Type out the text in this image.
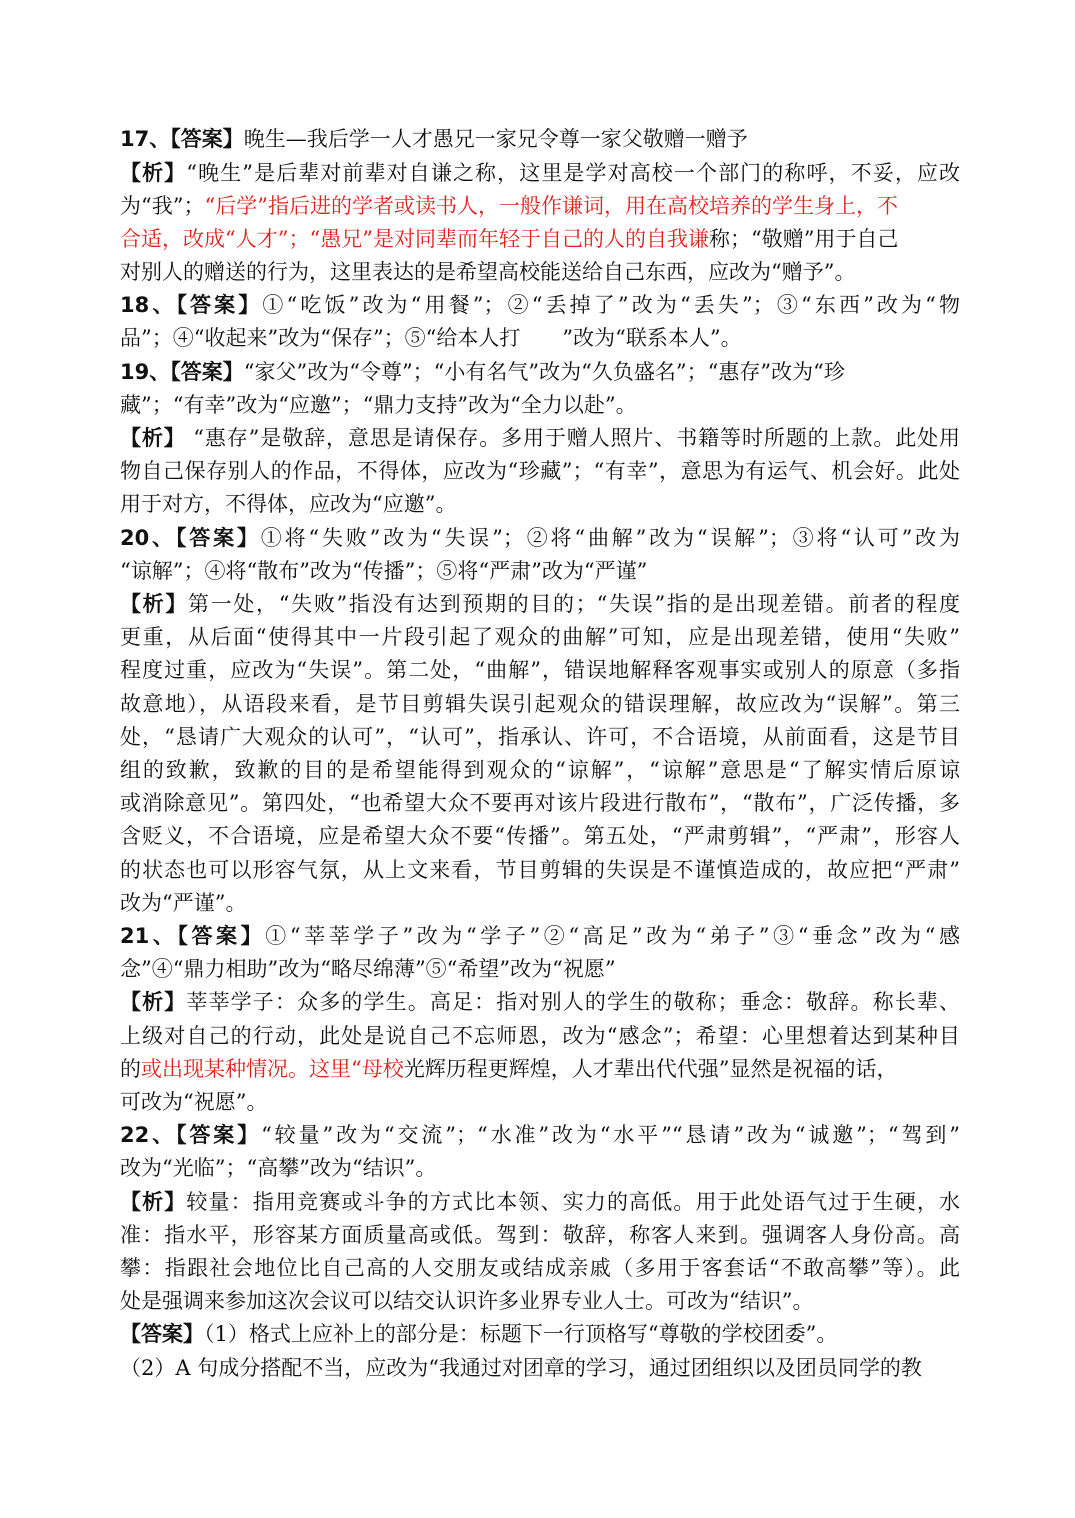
17、【答案】晚生—我后学一人才愚兄一家兄令尊一家父敬赠一赠予
【析】“晚生”是后辈对前辈对自谦之称，这里是学对高校一个部门的称呼，不妥，应改
为“我”；“后学”指后进的学者或读书人，一般作谦词，用在高校培养的学生身上，不
合适，改成“人才”；“愚兄”是对同辈而年轻于自己的人的自我谦称；“敬赠”用于自己
对别人的赠送的行为，这里表达的是希望高校能送给自己东西，应改为“赠予”。
18、【答案】①“吃饭”改为“用餐”；②“丢掉了”改为“丢失”；③“东西”改为“物
品”；④“收起来”改为“保存”；⑤“给本人打　　”改为“联系本人”。
19、【答案】“家父”改为“令尊”；“小有名气”改为“久负盛名”；“惠存”改为“珍
藏”；“有幸”改为“应邀”；“鼎力支持”改为“全力以赴”。
【析】 “惠存”是敬辞，意思是请保存。多用于赠人照片、书籍等时所题的上款。此处用
物自己保存别人的作品，不得体，应改为“珍藏”；“有幸”，意思为有运气、机会好。此处
用于对方，不得体，应改为“应邀”。
20、【答案】①将“失败”改为“失误”；②将“曲解”改为“误解”；③将“认可”改为
“谅解”；④将“散布”改为“传播”；⑤将“严肃”改为“严谨”
【析】第一处，“失败”指没有达到预期的目的；“失误”指的是出现差错。前者的程度
更重，从后面“使得其中一片段引起了观众的曲解”可知，应是出现差错，使用“失败”
程度过重，应改为“失误”。第二处，“曲解”，错误地解释客观事实或别人的原意（多指
故意地），从语段来看，是节目剪辑失误引起观众的错误理解，故应改为“误解”。第三
处，“恳请广大观众的认可”，“认可”，指承认、许可，不合语境，从前面看，这是节目
组的致歉，致歉的目的是希望能得到观众的“谅解”，“谅解”意思是“了解实情后原谅
或消除意见”。第四处，“也希望大众不要再对该片段进行散布”，“散布”，广泛传播，多
含贬义，不合语境，应是希望大众不要“传播”。第五处，“严肃剪辑”，“严肃”，形容人
的状态也可以形容气氛，从上文来看，节目剪辑的失误是不谨慎造成的，故应把“严肃”
改为“严谨”。
21、【答案】①“莘莘学子”改为“学子”②“高足”改为“弟子”③“垂念”改为“感
念”④“鼎力相助”改为“略尽绵薄”⑤“希望”改为“祝愿”
【析】莘莘学子：众多的学生。高足：指对别人的学生的敬称；垂念：敬辞。称长辈、
上级对自己的行动，此处是说自己不忘师恩，改为“感念”；希望：心里想着达到某种目
的或出现某种情况。这里“母校光辉历程更辉煌，人才辈出代代强”显然是祝福的话，
可改为“祝愿”。
22、【答案】“较量”改为“交流”；“水准”改为“水平”“恳请”改为“诚邀”；“驾到”
改为“光临”；“高攀”改为“结识”。
【析】较量：指用竞赛或斗争的方式比本领、实力的高低。用于此处语气过于生硬，水
准：指水平，形容某方面质量高或低。驾到：敬辞，称客人来到。强调客人身份高。高
攀：指跟社会地位比自己高的人交朋友或结成亲戚（多用于客套话“不敢高攀”等）。此
处是强调来参加这次会议可以结交认识许多业界专业人士。可改为“结识”。
【答案】（1）格式上应补上的部分是：标题下一行顶格写“尊敬的学校团委”。
（2）A 句成分搭配不当，应改为“我通过对团章的学习，通过团组织以及团员同学的教
